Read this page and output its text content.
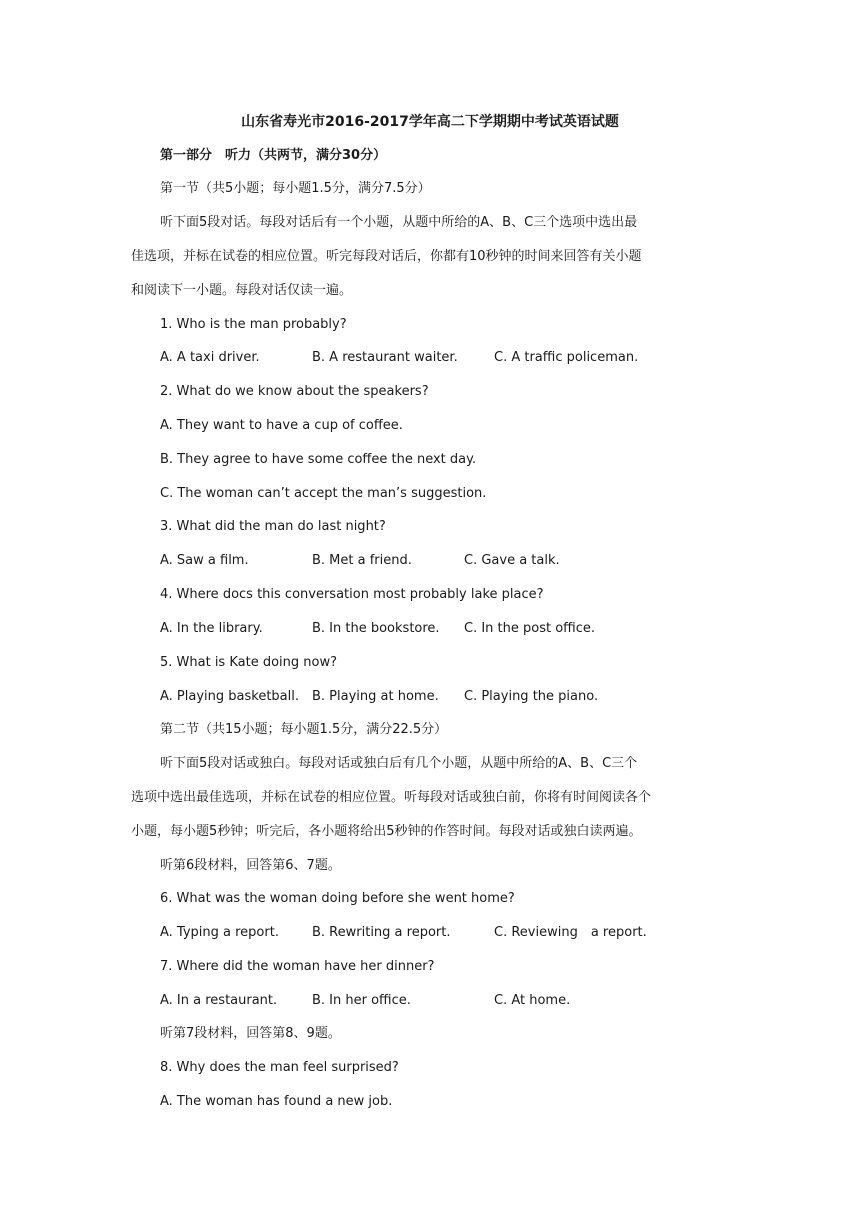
山东省寿光市2016-2017学年高二下学期期中考试英语试题
第一部分　听力（共两节，满分30分）
第一节（共5小题；每小题1.5分，满分7.5分）
听下面5段对话。每段对话后有一个小题，从题中所给的A、B、C三个选项中选出最
佳选项，并标在试卷的相应位置。听完每段对话后，你都有10秒钟的时间来回答有关小题
和阅读下一小题。每段对话仅读一遍。
1. Who is the man probably?
A. A taxi driver.	B. A restaurant waiter.	C. A traffic policeman.
2. What do we know about the speakers?
A. They want to have a cup of coffee.
B. They agree to have some coffee the next day.
C. The woman can’t accept the man’s suggestion.
3. What did the man do last night?
A. Saw a film.	B. Met a friend.	C. Gave a talk.
4. Where docs this conversation most probably lake place?
A. In the library.	B. In the bookstore. C. In the post office.
5. What is Kate doing now?
A. Playing basketball. B. Playing at home. C. Playing the piano.
第二节（共15小题；每小题1.5分，满分22.5分）
听下面5段对话或独白。每段对话或独白后有几个小题，从题中所给的A、B、C三个
选项中选出最佳选项，并标在试卷的相应位置。听每段对话或独白前，你将有时间阅读各个
小题，每小题5秒钟；听完后，各小题将给出5秒钟的作答时间。每段对话或独白读两遍。
听第6段材料，回答第6、7题。
6. What was the woman doing before she went home?
A. Typing a report.	B. Rewriting a report.	C. Reviewing　a report.
7. Where did the woman have her dinner?
A. In a restaurant.	B. In her office.	C. At home.
听第7段材料，回答第8、9题。
8. Why does the man feel surprised?
A. The woman has found a new job.
